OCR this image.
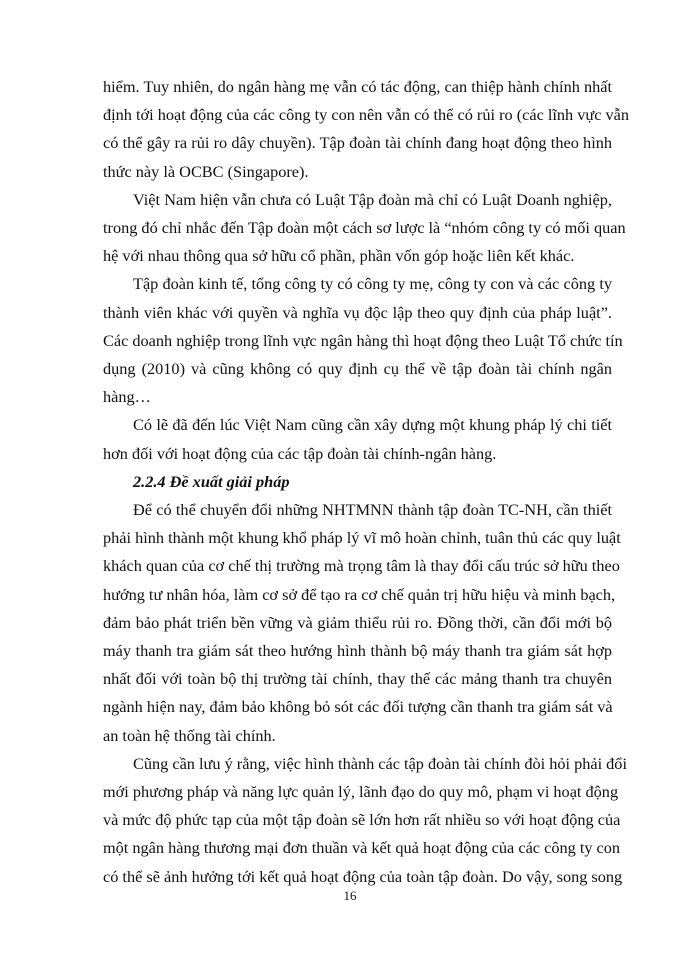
hiểm. Tuy nhiên, do ngân hàng mẹ vẫn có tác động, can thiệp hành chính nhất
định tới hoạt động của các công ty con nên vẫn có thể có rủi ro (các lĩnh vực vẫn
có thể gây ra rủi ro dây chuyền). Tập đoàn tài chính đang hoạt động theo hình
thức này là OCBC (Singapore).
Việt Nam hiện vẫn chưa có Luật Tập đoàn mà chỉ có Luật Doanh nghiệp,
trong đó chỉ nhắc đến Tập đoàn một cách sơ lược là “nhóm công ty có mối quan
hệ với nhau thông qua sở hữu cổ phần, phần vốn góp hoặc liên kết khác.
Tập đoàn kinh tế, tổng công ty có công ty mẹ, công ty con và các công ty
thành viên khác với quyền và nghĩa vụ độc lập theo quy định của pháp luật”.
Các doanh nghiệp trong lĩnh vực ngân hàng thì hoạt động theo Luật Tổ chức tín
dụng (2010) và cũng không có quy định cụ thể về tập đoàn tài chính ngân
hàng…
Có lẽ đã đến lúc Việt Nam cũng cần xây dựng một khung pháp lý chi tiết
hơn đối với hoạt động của các tập đoàn tài chính-ngân hàng.
2.2.4 Đề xuất giải pháp
Để có thể chuyển đổi những NHTMNN thành tập đoàn TC-NH, cần thiết
phải hình thành một khung khổ pháp lý vĩ mô hoàn chỉnh, tuân thủ các quy luật
khách quan của cơ chế thị trường mà trọng tâm là thay đổi cấu trúc sở hữu theo
hướng tư nhân hóa, làm cơ sở để tạo ra cơ chế quản trị hữu hiệu và minh bạch,
đảm bảo phát triển bền vững và giảm thiểu rủi ro. Đồng thời, cần đổi mới bộ
máy thanh tra giám sát theo hướng hình thành bộ máy thanh tra giám sát hợp
nhất đối với toàn bộ thị trường tài chính, thay thế các mảng thanh tra chuyên
ngành hiện nay, đảm bảo không bỏ sót các đối tượng cần thanh tra giám sát và
an toàn hệ thống tài chính.
Cũng cần lưu ý rằng, việc hình thành các tập đoàn tài chính đòi hỏi phải đổi
mới phương pháp và năng lực quản lý, lãnh đạo do quy mô, phạm vi hoạt động
và mức độ phức tạp của một tập đoàn sẽ lớn hơn rất nhiều so với hoạt động của
một ngân hàng thương mại đơn thuần và kết quả hoạt động của các công ty con
có thể sẽ ảnh hưởng tới kết quả hoạt động của toàn tập đoàn. Do vậy, song song
16
